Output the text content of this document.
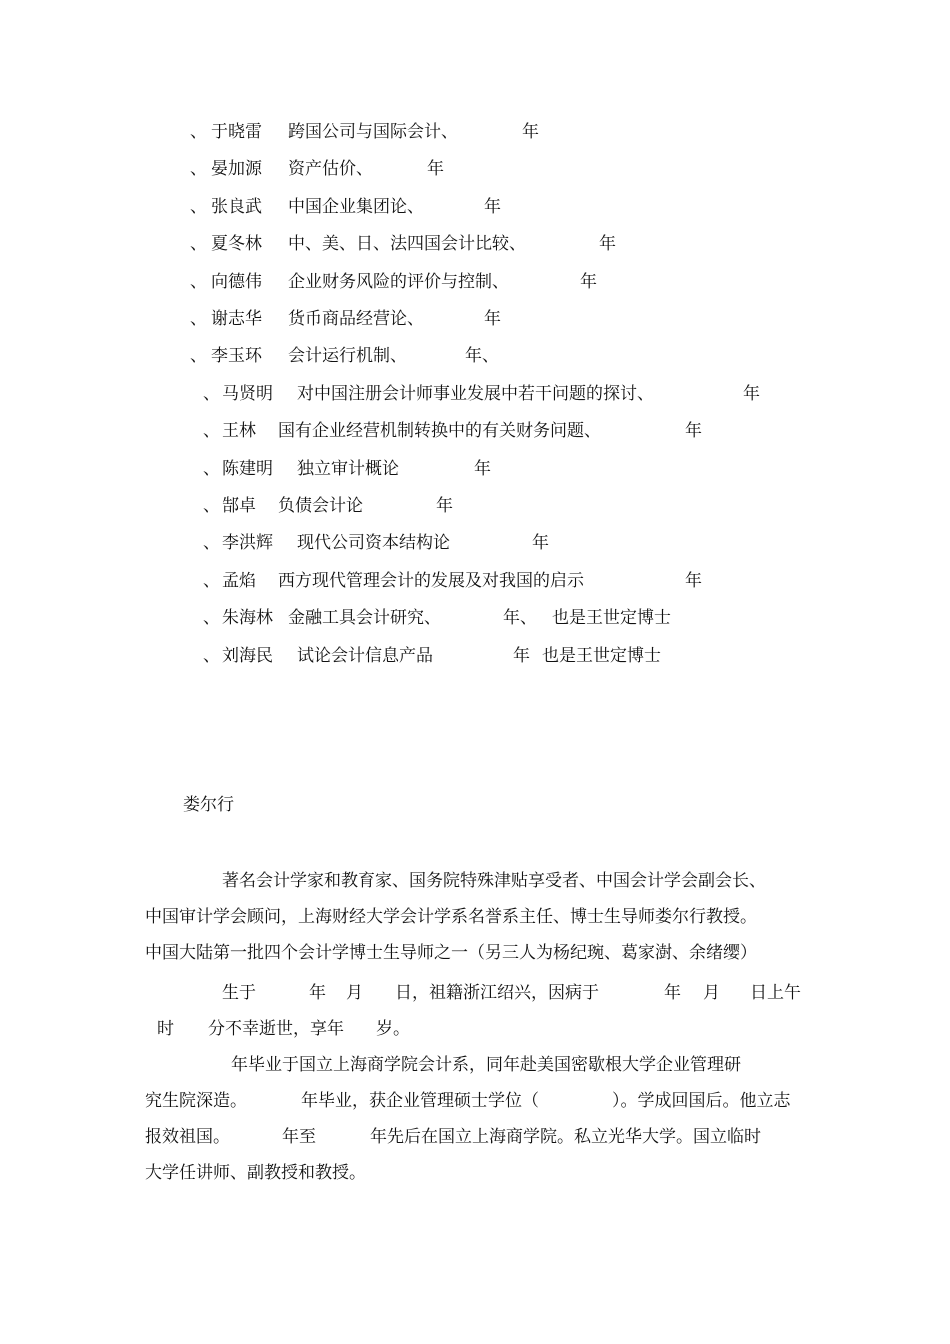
、 于晓雷 跨国公司与国际会计、	年
、 晏加源 资产估价、	年
、 张良武 中国企业集团论、	年
、 夏冬林 中、美、日、法四国会计比较、	年
、 向德伟 企业财务风险的评价与控制、	年
、 谢志华 货币商品经营论、	年
、 李玉环 会计运行机制、	年、
、 马贤明 对中国注册会计师事业发展中若干问题的探讨、	年
、 王林 国有企业经营机制转换中的有关财务问题、	年
、 陈建明 独立审计概论	年
、 郜卓 负债会计论	年
、 李洪辉 现代公司资本结构论	年
、 孟焰 西方现代管理会计的发展及对我国的启示	年
、 朱海林 金融工具会计研究、	年、 也是王世定博士
、 刘海民 试论会计信息产品	年 也是王世定博士
娄尔行
著名会计学家和教育家、国务院特殊津贴享受者、中国会计学会副会长、
中国审计学会顾问，上海财经大学会计学系名誉系主任、博士生导师娄尔行教授。
中国大陆第一批四个会计学博士生导师之一（另三人为杨纪琬、葛家澍、余绪缨）
生于	年 月 日，祖籍浙江绍兴，因病于	年 月 日上午
时 分不幸逝世，享年 岁。
年毕业于国立上海商学院会计系，同年赴美国密歇根大学企业管理研
究生院深造。	年毕业，获企业管理硕士学位（	）。学成回国后。他立志
报效祖国。	年至	年先后在国立上海商学院。私立光华大学。国立临时
大学任讲师、副教授和教授。
